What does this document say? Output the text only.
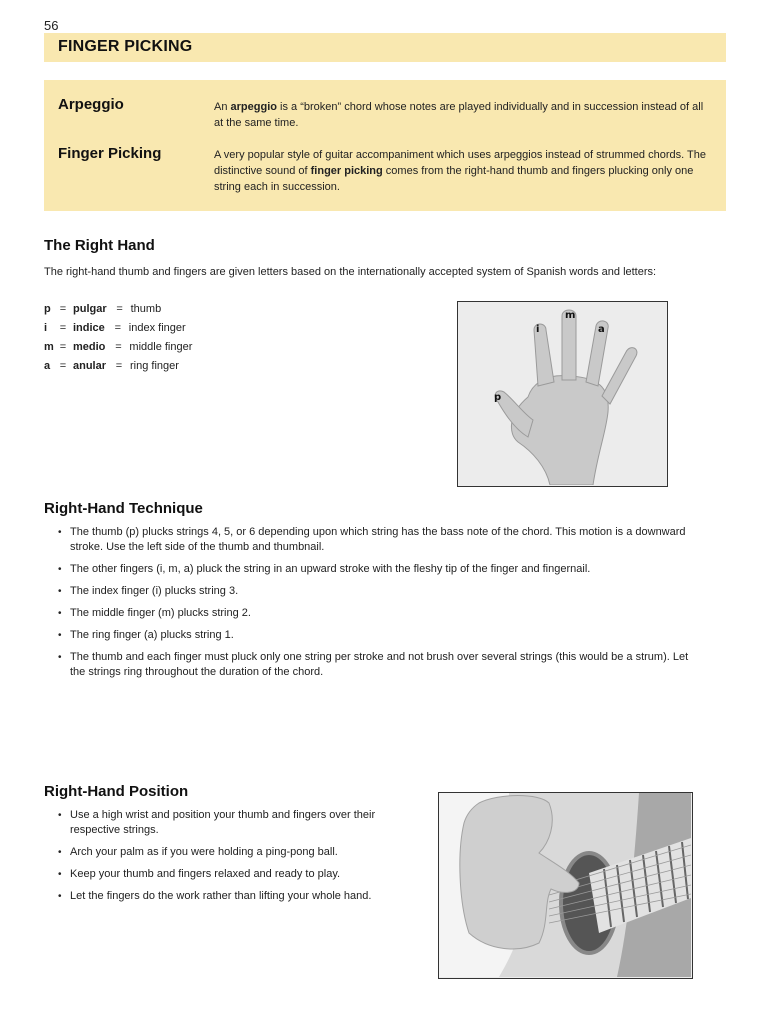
56
FINGER PICKING
Arpeggio	An arpeggio is a “broken” chord whose notes are played individually and in succession instead of all at the same time.
Finger Picking	A very popular style of guitar accompaniment which uses arpeggios instead of strummed chords. The distinctive sound of finger picking comes from the right-hand thumb and fingers plucking only one string each in succession.
The Right Hand
The right-hand thumb and fingers are given letters based on the internationally accepted system of Spanish words and letters:
p = pulgar = thumb
i	= indice = index finger
m = medio = middle finger
a = anular = ring finger
p
i
m
a
Right-Hand Technique
• The thumb (p) plucks strings 4, 5, or 6 depending upon which string has the bass note of the chord. This motion is a downward stroke. Use the left side of the thumb and thumbnail.
• The other fingers (i, m, a) pluck the string in an upward stroke with the fleshy tip of the finger and fingernail.
• The index finger (i) plucks string 3.
• The middle finger (m) plucks string 2.
• The ring finger (a) plucks string 1.
• The thumb and each finger must pluck only one string per stroke and not brush over several strings (this would be a strum). Let the strings ring throughout the duration of the chord.
Right-Hand Position
• Use a high wrist and position your thumb and fingers over their respective strings.
• Arch your palm as if you were holding a ping-pong ball.
• Keep your thumb and fingers relaxed and ready to play.
• Let the fingers do the work rather than lifting your whole hand.
